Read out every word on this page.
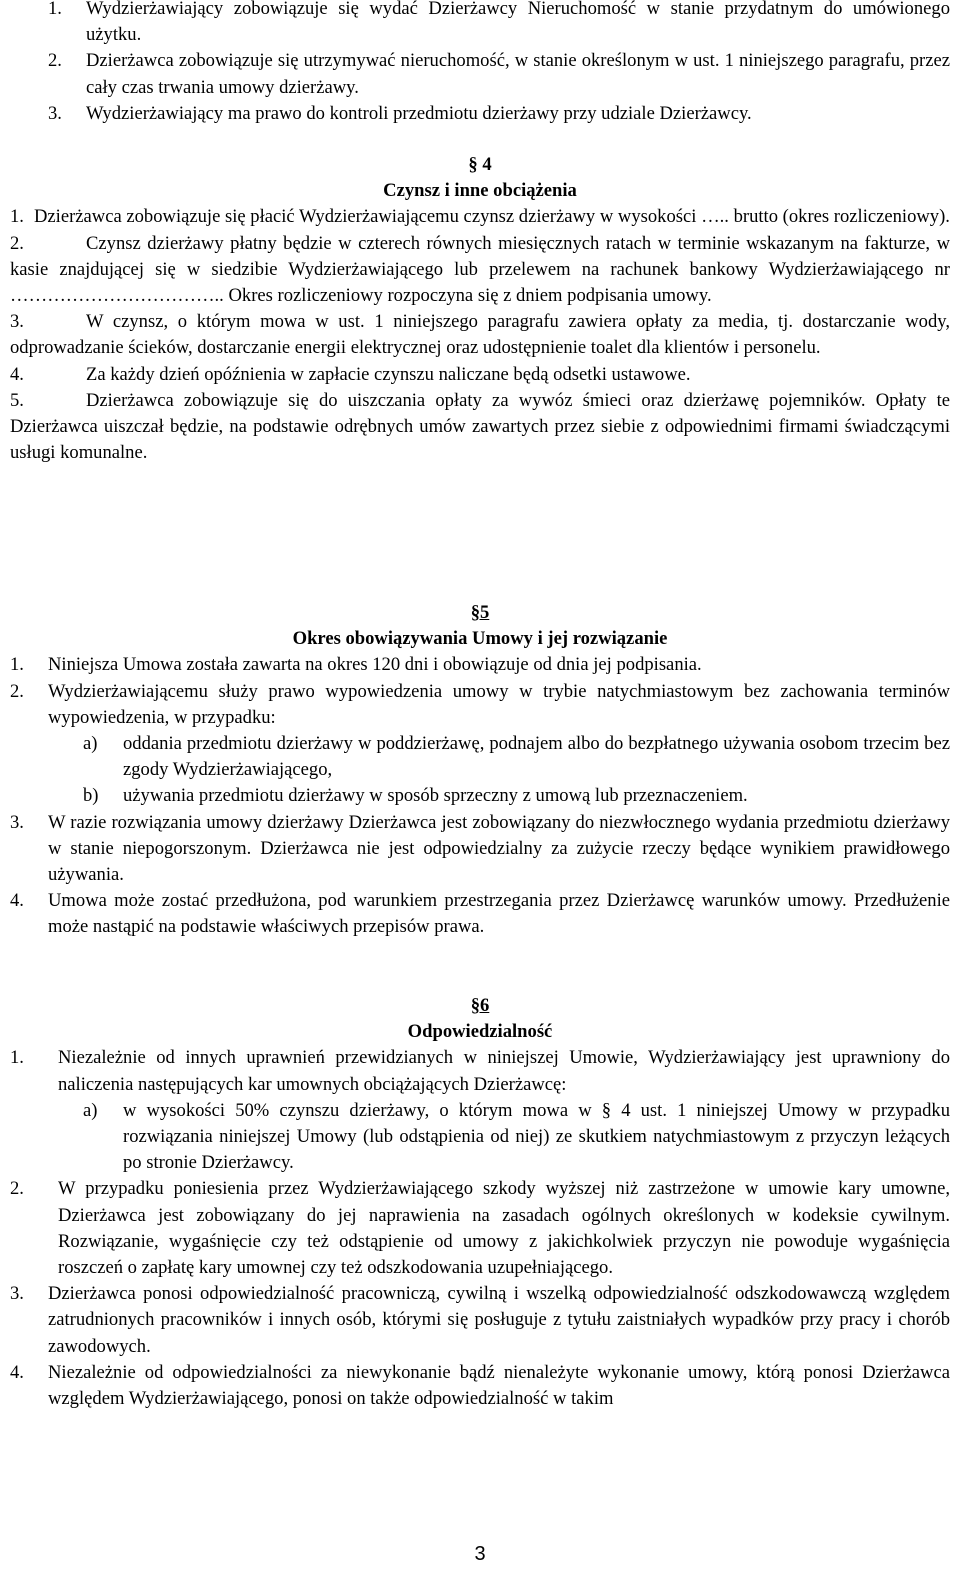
1.	Wydzierżawiający zobowiązuje się wydać Dzierżawcy Nieruchomość w stanie przydatnym do umówionego użytku.
2.	Dzierżawca zobowiązuje się utrzymywać nieruchomość, w stanie określonym w ust. 1 niniejszego paragrafu, przez cały czas trwania umowy dzierżawy.
3.	Wydzierżawiający ma prawo do kontroli przedmiotu dzierżawy przy udziale Dzierżawcy.
§ 4
Czynsz i inne obciążenia
1. Dzierżawca zobowiązuje się płacić Wydzierżawiającemu czynsz dzierżawy w wysokości ….. brutto (okres rozliczeniowy).
2.	Czynsz dzierżawy płatny będzie w czterech równych miesięcznych ratach w terminie wskazanym na fakturze, w kasie znajdującej się w siedzibie Wydzierżawiającego lub przelewem na rachunek bankowy Wydzierżawiającego nr …………………………….. Okres rozliczeniowy rozpoczyna się z dniem podpisania umowy.
3.	W czynsz, o którym mowa w ust. 1 niniejszego paragrafu zawiera opłaty za media, tj. dostarczanie wody, odprowadzanie ścieków, dostarczanie energii elektrycznej oraz udostępnienie toalet dla klientów i personelu.
4.	Za każdy dzień opóźnienia w zapłacie czynszu naliczane będą odsetki ustawowe.
5.	Dzierżawca zobowiązuje się do uiszczania opłaty za wywóz śmieci oraz dzierżawę pojemników. Opłaty te Dzierżawca uiszczał będzie, na podstawie odrębnych umów zawartych przez siebie z odpowiednimi firmami świadczącymi usługi komunalne.
§5
Okres obowiązywania Umowy i jej rozwiązanie
1. Niniejsza Umowa została zawarta na okres 120 dni i obowiązuje od dnia jej podpisania.
2. Wydzierżawiającemu służy prawo wypowiedzenia umowy w trybie natychmiastowym bez zachowania terminów wypowiedzenia, w przypadku:
a) oddania przedmiotu dzierżawy w poddzierżawę, podnajem albo do bezpłatnego używania osobom trzecim bez zgody Wydzierżawiającego,
b) używania przedmiotu dzierżawy w sposób sprzeczny z umową lub przeznaczeniem.
3. W razie rozwiązania umowy dzierżawy Dzierżawca jest zobowiązany do niezwłocznego wydania przedmiotu dzierżawy w stanie niepogorszonym. Dzierżawca nie jest odpowiedzialny za zużycie rzeczy będące wynikiem prawidłowego używania.
4. Umowa może zostać przedłużona, pod warunkiem przestrzegania przez Dzierżawcę warunków umowy. Przedłużenie może nastąpić na podstawie właściwych przepisów prawa.
§6
Odpowiedzialność
1. Niezależnie od innych uprawnień przewidzianych w niniejszej Umowie, Wydzierżawiający jest uprawniony do naliczenia następujących kar umownych obciążających Dzierżawcę:
a) w wysokości 50% czynszu dzierżawy, o którym mowa w § 4 ust. 1 niniejszej Umowy w przypadku rozwiązania niniejszej Umowy (lub odstąpienia od niej) ze skutkiem natychmiastowym z przyczyn leżących po stronie Dzierżawcy.
2. W przypadku poniesienia przez Wydzierżawiającego szkody wyższej niż zastrzeżone w umowie kary umowne, Dzierżawca jest zobowiązany do jej naprawienia na zasadach ogólnych określonych w kodeksie cywilnym. Rozwiązanie, wygaśnięcie czy też odstąpienie od umowy z jakichkolwiek przyczyn nie powoduje wygaśnięcia roszczeń o zapłatę kary umownej czy też odszkodowania uzupełniającego.
3. Dzierżawca ponosi odpowiedzialność pracowniczą, cywilną i wszelką odpowiedzialność odszkodowawczą względem zatrudnionych pracowników i innych osób, którymi się posługuje z tytułu zaistniałych wypadków przy pracy i chorób zawodowych.
4. Niezależnie od odpowiedzialności za niewykonanie bądź nienależyte wykonanie umowy, którą ponosi Dzierżawca względem Wydzierżawiającego, ponosi on także odpowiedzialność w takim
3
